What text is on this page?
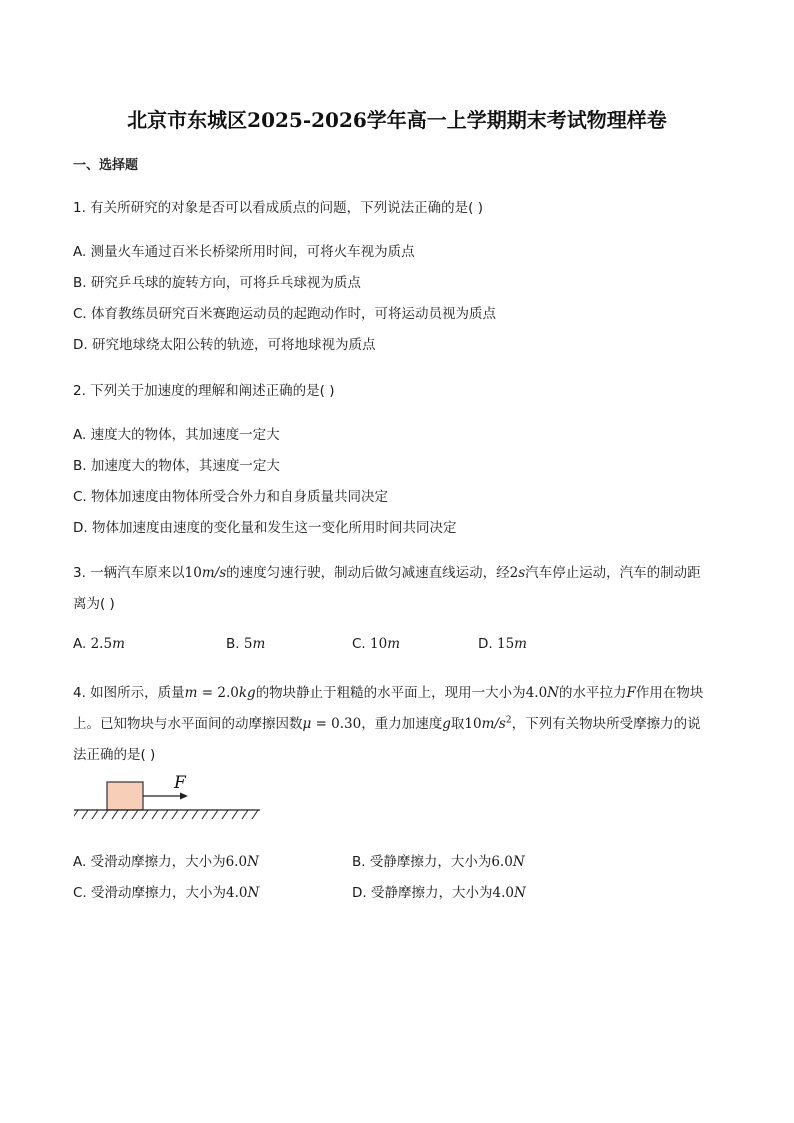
北京市东城区2025-2026学年高一上学期期末考试物理样卷
一、选择题
1. 有关所研究的对象是否可以看成质点的问题，下列说法正确的是( )
A. 测量火车通过百米长桥梁所用时间，可将火车视为质点
B. 研究乒乓球的旋转方向，可将乒乓球视为质点
C. 体育教练员研究百米赛跑运动员的起跑动作时，可将运动员视为质点
D. 研究地球绕太阳公转的轨迹，可将地球视为质点
2. 下列关于加速度的理解和阐述正确的是( )
A. 速度大的物体，其加速度一定大
B. 加速度大的物体，其速度一定大
C. 物体加速度由物体所受合外力和自身质量共同决定
D. 物体加速度由速度的变化量和发生这一变化所用时间共同决定
3. 一辆汽车原来以10m/s的速度匀速行驶，制动后做匀减速直线运动，经2s汽车停止运动，汽车的制动距
离为( )
A. 2.5m	B. 5m	C. 10m	D. 15m
4. 如图所示，质量m = 2.0kg的物块静止于粗糙的水平面上，现用一大小为4.0N的水平拉力F作用在物块
上。已知物块与水平面间的动摩擦因数μ = 0.30，重力加速度g取$10m/s^2$，下列有关物块所受摩擦力的说
法正确的是( )
F
A. 受滑动摩擦力，大小为6.0N	B. 受静摩擦力，大小为6.0N
C. 受滑动摩擦力，大小为4.0N	D. 受静摩擦力，大小为4.0N
